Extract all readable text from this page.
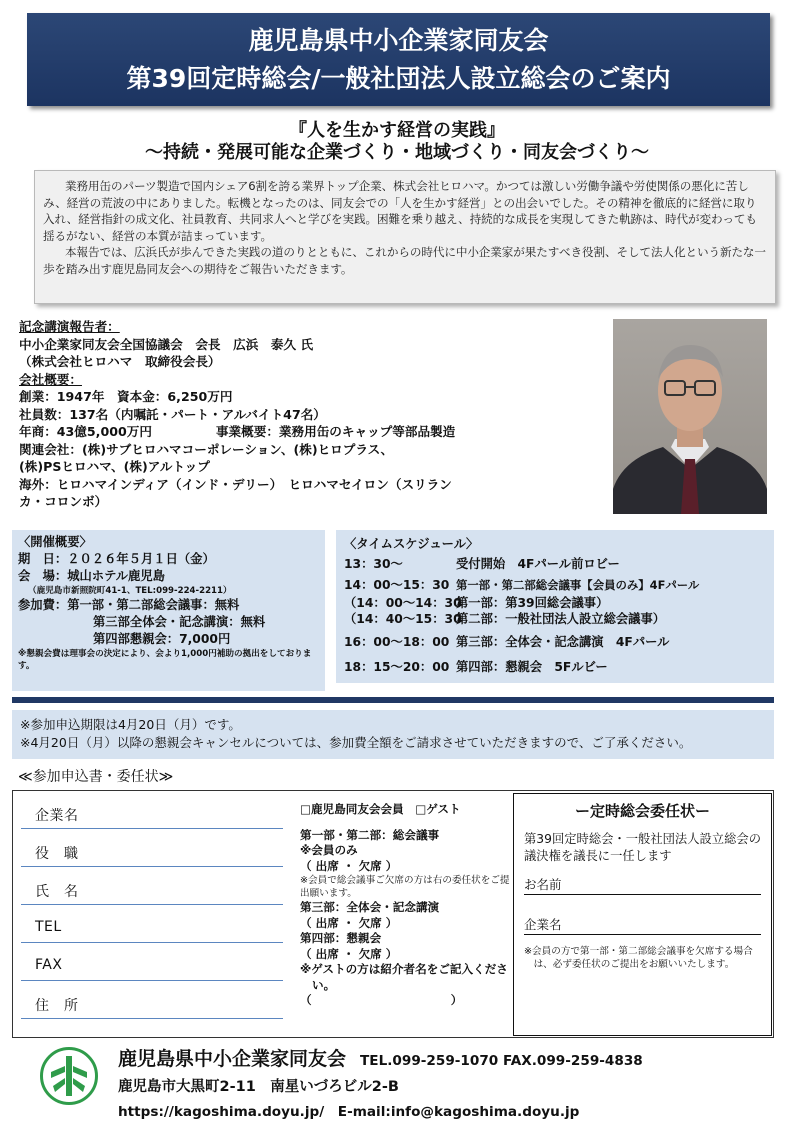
鹿児島県中小企業家同友会
第39回定時総会/一般社団法人設立総会のご案内
『人を生かす経営の実践』
～持続・発展可能な企業づくり・地域づくり・同友会づくり～

業務用缶のパーツ製造で国内シェア6割を誇る業界トップ企業、株式会社ヒロハマ。かつては激しい労働争議や労使関係の悪化に苦しみ、経営の荒波の中にありました。転機となったのは、同友会での「人を生かす経営」との出会いでした。その精神を徹底的に経営に取り入れ、経営指針の成文化、社員教育、共同求人へと学びを実践。困難を乗り越え、持続的な成長を実現してきた軌跡は、時代が変わっても揺るがない、経営の本質が詰まっています。

本報告では、広浜氏が歩んできた実践の道のりとともに、これからの時代に中小企業家が果たすべき役割、そして法人化という新たな一歩を踏み出す鹿児島同友会への期待をご報告いただきます。

記念講演報告者：
中小企業家同友会全国協議会　会長　広浜　泰久 氏
（株式会社ヒロハマ　取締役会長）
会社概要：
創業：1947年　資本金：6,250万円
社員数：137名（内嘱託・パート・アルバイト47名）
年商：43億5,000万円	事業概要：業務用缶のキャップ等部品製造
関連会社：(株)サブヒロハマコーポレーション、(株)ヒロプラス、
(株)PSヒロハマ、(株)アルトップ
海外：ヒロハマインディア（インド・デリー）　ヒロハマセイロン（スリラン
カ・コロンボ）
〈開催概要〉
期　日：２０２６年５月１日（金）
会　場：城山ホテル鹿児島
（鹿児島市新照院町41-1、TEL:099-224-2211）
参加費：第一部・第二部総会議事：無料
第三部全体会・記念講演：無料
第四部懇親会：7,000円
※懇親会費は理事会の決定により、会より1,000円補助の拠出をしております。
〈タイムスケジュール〉
13：30～	受付開始　4Fパール前ロビー
14：00～15：30 第一部・第二部総会議事【会員のみ】4Fパール
（14：00～14：30第一部：第39回総会議事）
（14：40～15：30第二部：一般社団法人設立総会議事）
16：00～18：00 第三部：全体会・記念講演　4Fパール
18：15～20：00 第四部：懇親会　5Fルビー
※参加申込期限は4月20日（月）です。
※4月20日（月）以降の懇親会キャンセルについては、参加費全額をご請求させていただきますので、ご了承ください。
≪参加申込書・委任状≫
企業名
役　職
氏　名
TEL
FAX
住　所
□鹿児島同友会会員　□ゲスト
第一部・第二部：総会議事
※会員のみ
（ 出席 ・ 欠席 ）
※会員で総会議事ご欠席の方は右の委任状をご提出願います。
第三部：全体会・記念講演
（ 出席 ・ 欠席 ）
第四部：懇親会
（ 出席 ・ 欠席 ）
※ゲストの方は紹介者名をご記入ください。
（　　　　　　　　　　　　）
ー定時総会委任状ー
第39回定時総会・一般社団法人設立総会の議決権を議長に一任します
お名前
企業名
※会員の方で第一部・第二部総会議事を欠席する場合は、必ず委任状のご提出をお願いいたします。
鹿児島県中小企業家同友会 TEL.099-259-1070 FAX.099-259-4838
鹿児島市大黒町2-11　南星いづろビル2-B
https://kagoshima.doyu.jp/　E-mail:info@kagoshima.doyu.jp
